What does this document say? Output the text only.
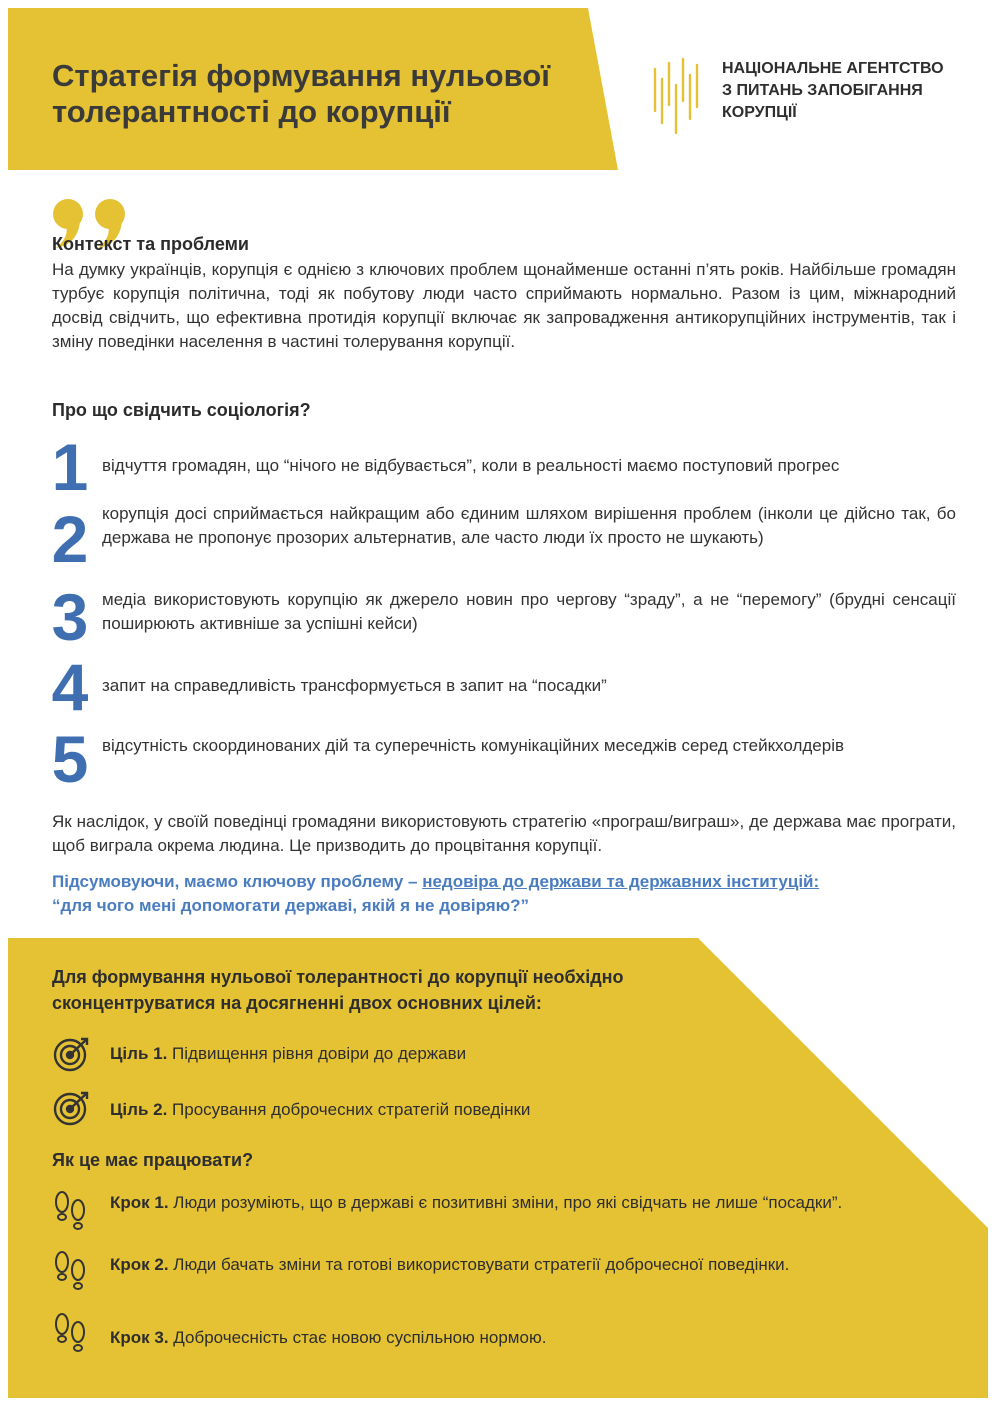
Стратегія формування нульової
толерантності до корупції
НАЦІОНАЛЬНЕ АГЕНТСТВО
З ПИТАНЬ ЗАПОБІГАННЯ
КОРУПЦІЇ
Контекст та проблеми
На думку українців, корупція є однією з ключових проблем щонайменше останні п’ять років. Найбільше громадян турбує корупція політична, тоді як побутову люди часто сприймають нормально. Разом із цим, міжнародний досвід свідчить, що ефективна протидія корупції включає як запровадження антикорупційних інструментів, так і зміну поведінки населення в частині толерування корупції.
Про що свідчить соціологія?
1 відчуття громадян, що “нічого не відбувається”, коли в реальності маємо поступовий прогрес
2 корупція досі сприймається найкращим або єдиним шляхом вирішення проблем (інколи це дійсно так, бо держава не пропонує прозорих альтернатив, але часто люди їх просто не шукають)
3 медіа використовують корупцію як джерело новин про чергову “зраду”, а не “перемогу” (брудні сенсації поширюють активніше за успішні кейси)
4 запит на справедливість трансформується в запит на “посадки”
5 відсутність скоординованих дій та суперечність комунікаційних меседжів серед стейкхолдерів
Як наслідок, у своїй поведінці громадяни використовують стратегію «програш/виграш», де держава має програти, щоб виграла окрема людина. Це призводить до процвітання корупції.
Підсумовуючи, маємо ключову проблему – недовіра до держави та державних інституцій:
“для чого мені допомогати державі, якій я не довіряю?”
Для формування нульової толерантності до корупції необхідно сконцентруватися на досягненні двох основних цілей:
Ціль 1. Підвищення рівня довіри до держави
Ціль 2. Просування доброчесних стратегій поведінки
Як це має працювати?
Крок 1. Люди розуміють, що в державі є позитивні зміни, про які свідчать не лише “посадки”.
Крок 2. Люди бачать зміни та готові використовувати стратегії доброчесної поведінки.
Крок 3. Доброчесність стає новою суспільною нормою.
